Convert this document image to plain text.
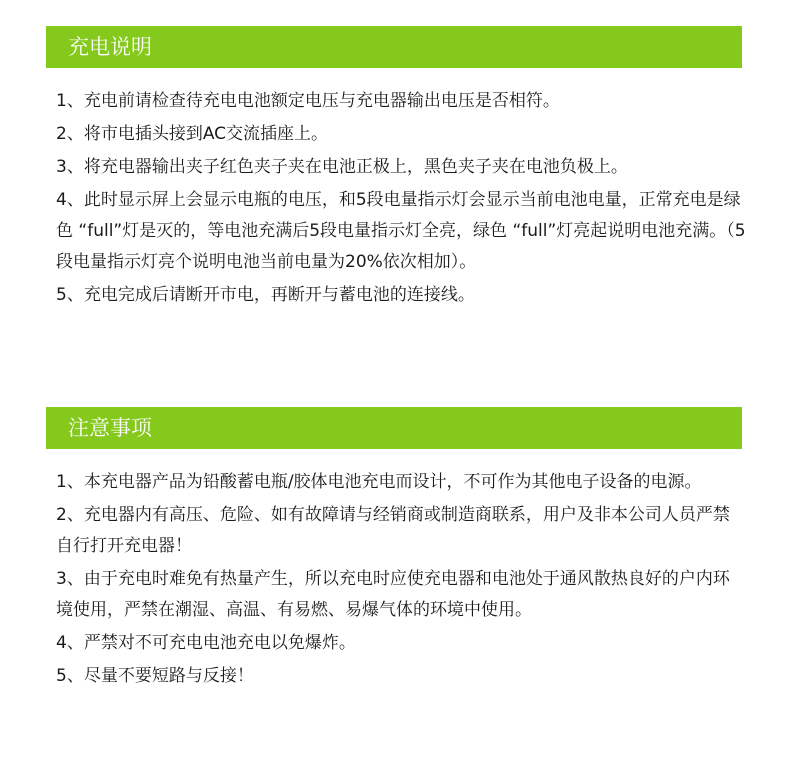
充电说明
1、充电前请检查待充电电池额定电压与充电器输出电压是否相符。
2、将市电插头接到AC交流插座上。
3、将充电器输出夹子红色夹子夹在电池正极上，黑色夹子夹在电池负极上。
4、此时显示屏上会显示电瓶的电压，和5段电量指示灯会显示当前电池电量，正常充电是绿色 “full”灯是灭的，等电池充满后5段电量指示灯全亮，绿色 “full”灯亮起说明电池充满。（5段电量指示灯亮个说明电池当前电量为20%依次相加）。
5、充电完成后请断开市电，再断开与蓄电池的连接线。
注意事项
1、本充电器产品为铅酸蓄电瓶/胶体电池充电而设计，不可作为其他电子设备的电源。
2、充电器内有高压、危险、如有故障请与经销商或制造商联系，用户及非本公司人员严禁自行打开充电器！
3、由于充电时难免有热量产生，所以充电时应使充电器和电池处于通风散热良好的户内环境使用，严禁在潮湿、高温、有易燃、易爆气体的环境中使用。
4、严禁对不可充电电池充电以免爆炸。
5、尽量不要短路与反接！
